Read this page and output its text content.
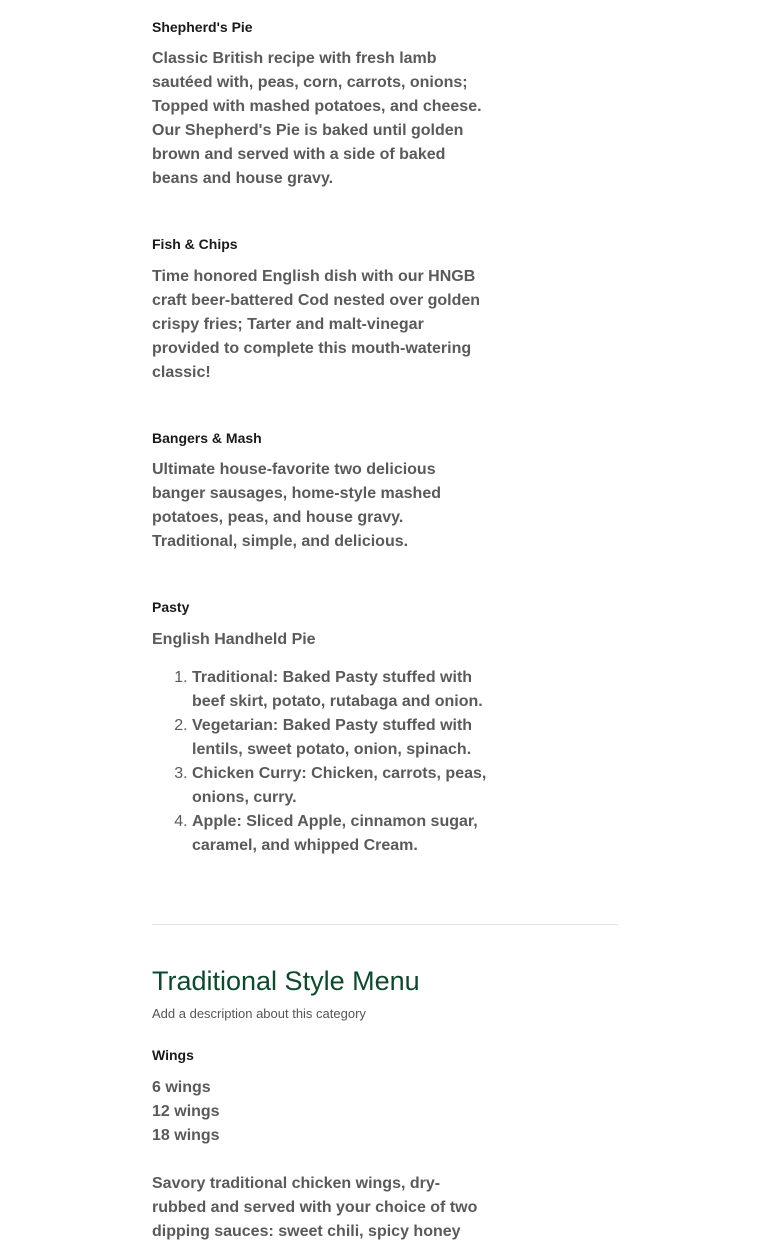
Shepherd's Pie

Classic British recipe with fresh lamb sautéed with, peas, corn, carrots, onions; Topped with mashed potatoes, and cheese. Our Shepherd's Pie is baked until golden brown and served with a side of baked beans and house gravy.

Fish & Chips

Time honored English dish with our HNGB craft beer-battered Cod nested over golden crispy fries; Tarter and malt-vinegar provided to complete this mouth-watering classic!

Bangers & Mash

Ultimate house-favorite two delicious banger sausages, home-style mashed potatoes, peas, and house gravy. Traditional, simple, and delicious.

Pasty

English Handheld Pie

1. Traditional: Baked Pasty stuffed with beef skirt, potato, rutabaga and onion.
2. Vegetarian: Baked Pasty stuffed with lentils, sweet potato, onion, spinach.
3. Chicken Curry: Chicken, carrots, peas, onions, curry.
4. Apple: Sliced Apple, cinnamon sugar, caramel, and whipped Cream.
Traditional Style Menu
Add a description about this category

Wings

6 wings

12 wings

18 wings

Savory traditional chicken wings, dry-rubbed and served with your choice of two dipping sauces: sweet chili, spicy honey
